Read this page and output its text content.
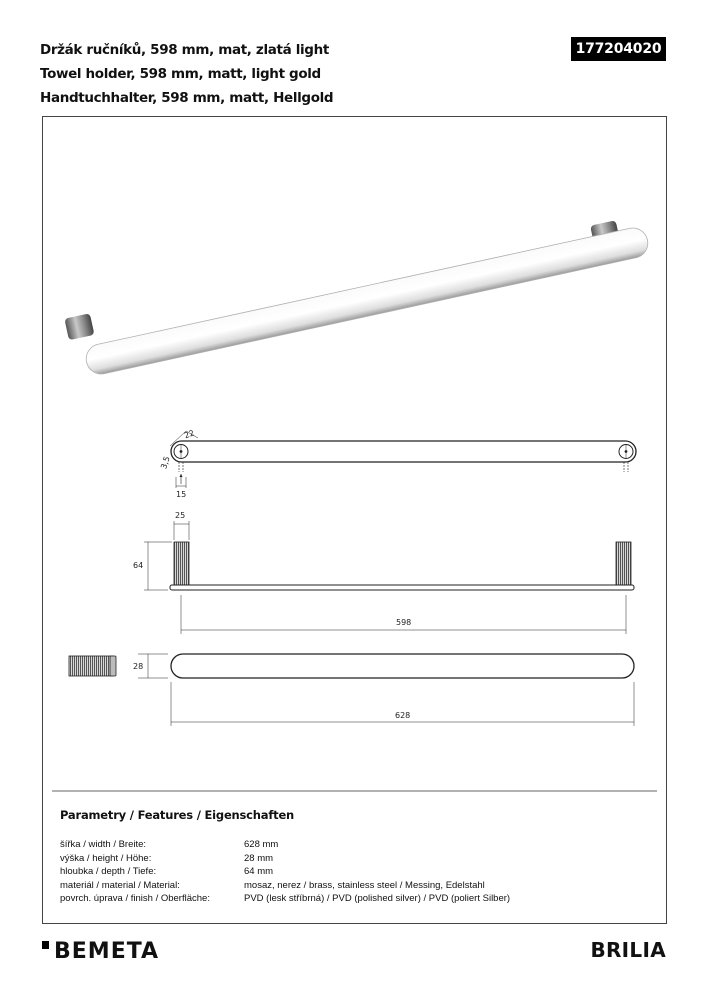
Držák ručníků, 598 mm, mat, zlatá light
Towel holder, 598 mm, matt, light gold
Handtuchhalter, 598 mm, matt, Hellgold
177204020
22
3,5
15
25
64
598
28
628
Parametry / Features / Eigenschaften
šířka / width / Breite:	628 mm
výška / height / Höhe:	28 mm
hloubka / depth / Tiefe:	64 mm
materiál / material / Material:	mosaz, nerez / brass, stainless steel / Messing, Edelstahl
povrch. úprava / finish / Oberfläche:	PVD (lesk stříbrná) / PVD (polished silver) / PVD (poliert Silber)
BEMETA	BRILIA
